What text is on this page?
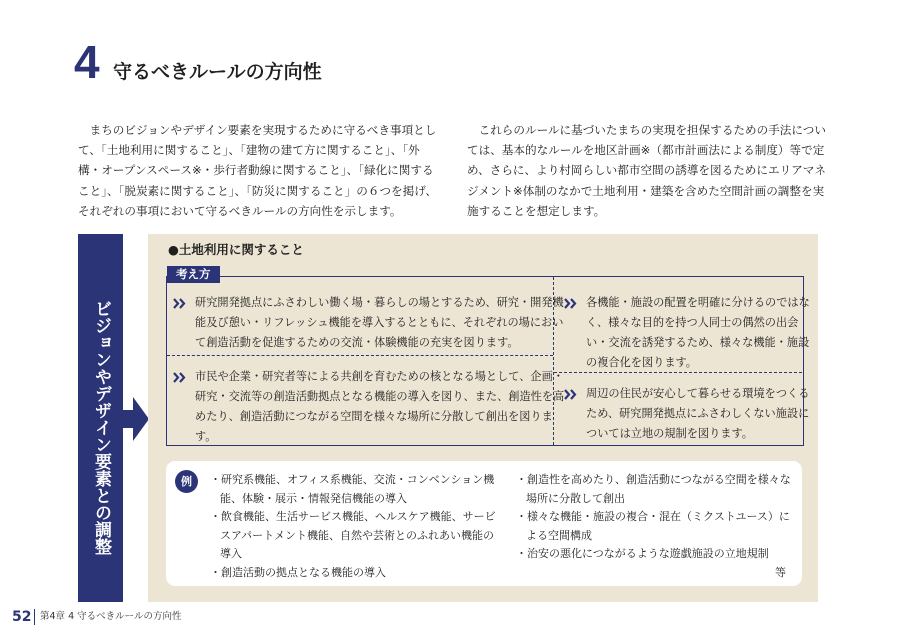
4 守るべきルールの方向性

まちのビジョンやデザイン要素を実現するために守るべき事項として、「土地利用に関すること」、「建物の建て方に関すること」、「外構・オープンスペース※・歩行者動線に関すること」、「緑化に関すること」、「脱炭素に関すること」、「防災に関すること」の６つを掲げ、それぞれの事項において守るべきルールの方向性を示します。

これらのルールに基づいたまちの実現を担保するための手法については、基本的なルールを地区計画※（都市計画法による制度）等で定め、さらに、より村岡らしい都市空間の誘導を図るためにエリアマネジメント※体制のなかで土地利用・建築を含めた空間計画の調整を実施することを想定します。

ビジョンやデザイン要素との調整
●土地利用に関すること
考え方

研究開発拠点にふさわしい働く場・暮らしの場とするため、研究・開発機能及び憩い・リフレッシュ機能を導入するとともに、それぞれの場において創造活動を促進するための交流・体験機能の充実を図ります。

市民や企業・研究者等による共創を育むための核となる場として、企画・研究・交流等の創造活動拠点となる機能の導入を図り、また、創造性を高めたり、創造活動につながる空間を様々な場所に分散して創出を図ります。

各機能・施設の配置を明確に分けるのではなく、様々な目的を持つ人同士の偶然の出会い・交流を誘発するため、様々な機能・施設の複合化を図ります。

周辺の住民が安心して暮らせる環境をつくるため、研究開発拠点にふさわしくない施設については立地の規制を図ります。

例	・研究系機能、オフィス系機能、交流・コンベンション機能、体験・展示・情報発信機能の導入

・飲食機能、生活サービス機能、ヘルスケア機能、サービスアパートメント機能、自然や芸術とのふれあい機能の導入

・創造活動の拠点となる機能の導入

・創造性を高めたり、創造活動につながる空間を様々な場所に分散して創出

・様々な機能・施設の複合・混在（ミクストユース）による空間構成

・治安の悪化につながるような遊戯施設の立地規制

等
52 第4章 4 守るべきルールの方向性
